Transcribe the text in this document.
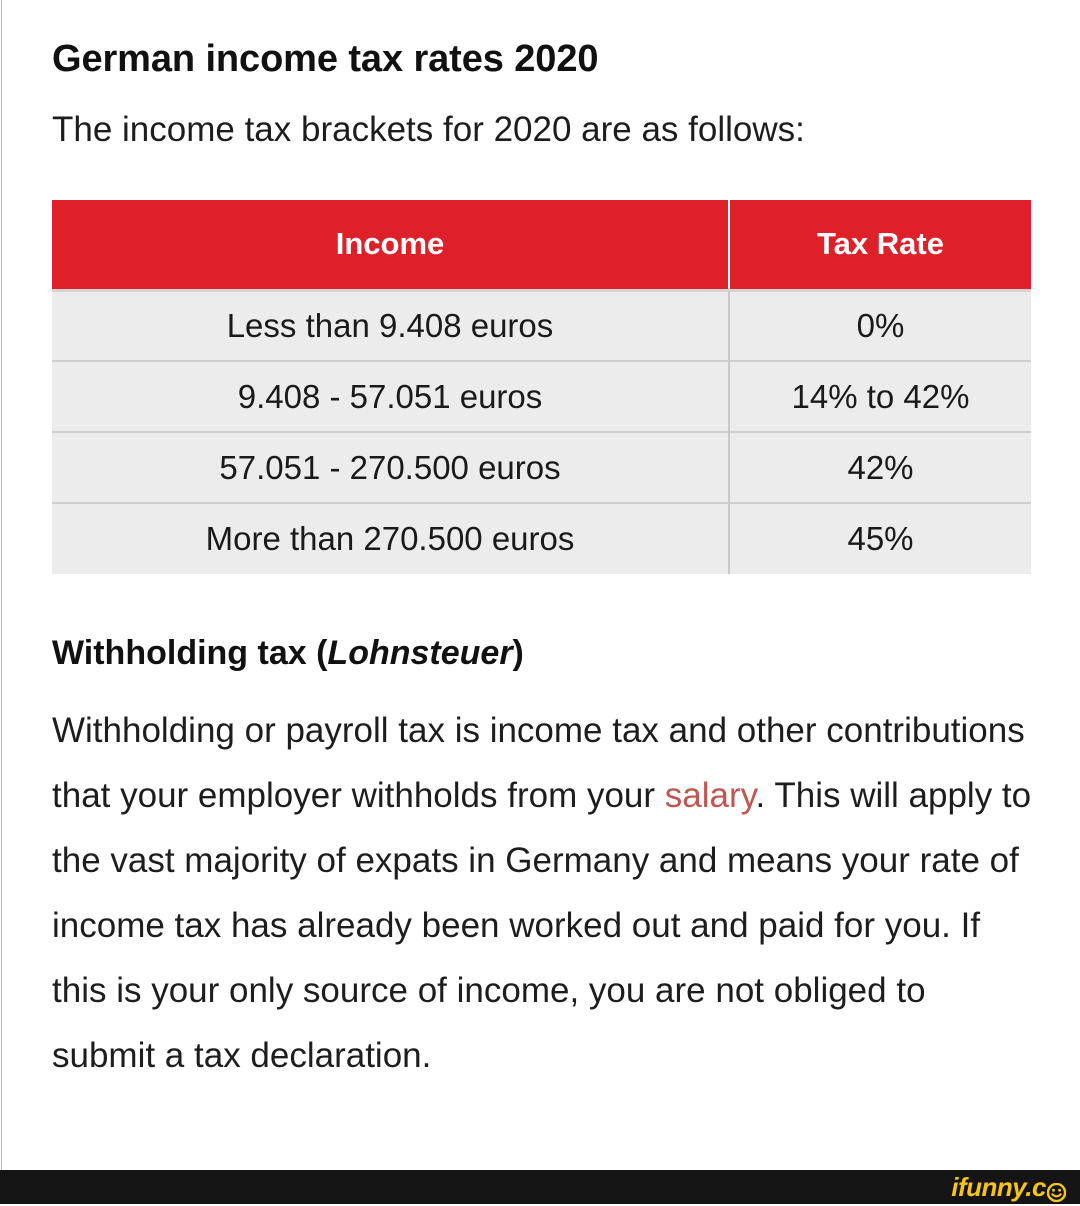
German income tax rates 2020

The income tax brackets for 2020 are as follows:

Income	Tax Rate
Less than 9.408 euros	0%
9.408 - 57.051 euros	14% to 42%
57.051 - 270.500 euros	42%
More than 270.500 euros	45%
Withholding tax (Lohnsteuer)

Withholding or payroll tax is income tax and other contributions that your employer withholds from your salary. This will apply to the vast majority of expats in Germany and means your rate of income tax has already been worked out and paid for you. If this is your only source of income, you are not obliged to submit a tax declaration.

ifunny.c
